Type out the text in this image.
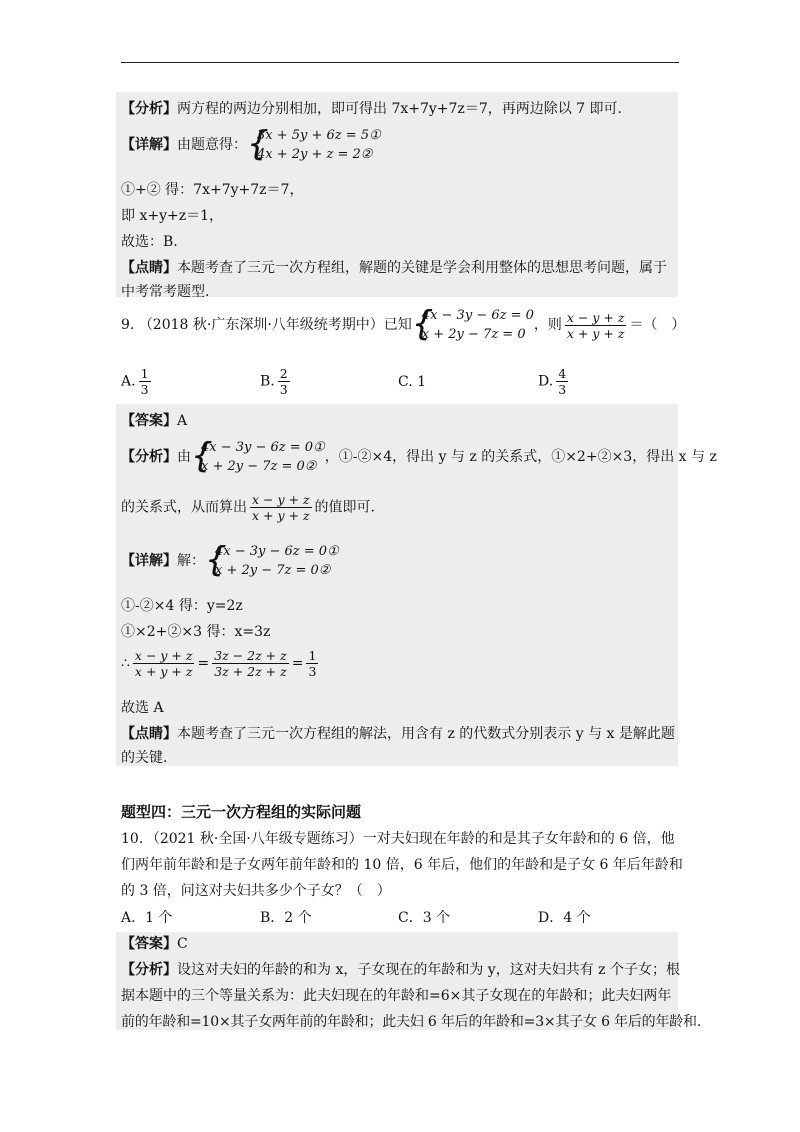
【分析】两方程的两边分别相加，即可得出 7x+7y+7z＝7，再两边除以 7 即可.
【详解】由题意得： {
3x + 5y + 6z = 5①
4x + 2y + z = 2②
①+② 得：7x+7y+7z＝7，
即 x+y+z＝1，
故选：B.
【点睛】本题考查了三元一次方程组，解题的关键是学会利用整体的思想思考问题，属于
中考常考题型.
9. （2018 秋·广东深圳·八年级统考期中）已知 {
4x − 3y − 6z = 0
x + 2y − 7z = 0
，则 $\frac{x - y + z}{x + y + z}$ ＝（　）
A. $\frac{1}{3}$	B. $\frac{2}{3}$	C. 1	D. $\frac{4}{3}$
【答案】A
【分析】由 {
4x − 3y − 6z = 0①
x + 2y − 7z = 0②
，①-②×4，得出 y 与 z 的关系式，①×2+②×3，得出 x 与 z
的关系式，从而算出 $\frac{x - y + z}{x + y + z}$ 的值即可.
【详解】解： {
4x − 3y − 6z = 0①
x + 2y − 7z = 0②
①-②×4 得：y=2z
①×2+②×3 得：x=3z
∴ $\frac{x - y + z}{x + y + z} = \frac{3z - 2z + z}{3z + 2z + z} = \frac{1}{3}$
故选 A
【点睛】本题考查了三元一次方程组的解法，用含有 z 的代数式分别表示 y 与 x 是解此题
的关键.
题型四：三元一次方程组的实际问题
10．（2021 秋·全国·八年级专题练习）一对夫妇现在年龄的和是其子女年龄和的 6 倍，他
们两年前年龄和是子女两年前年龄和的 10 倍，6 年后，他们的年龄和是子女 6 年后年龄和
的 3 倍，问这对夫妇共多少个子女？（　）
A．1 个	B．2 个	C．3 个	D．4 个
【答案】C
【分析】设这对夫妇的年龄的和为 x，子女现在的年龄和为 y，这对夫妇共有 z 个子女；根
据本题中的三个等量关系为：此夫妇现在的年龄和=6×其子女现在的年龄和；此夫妇两年
前的年龄和=10×其子女两年前的年龄和；此夫妇 6 年后的年龄和=3×其子女 6 年后的年龄和.
